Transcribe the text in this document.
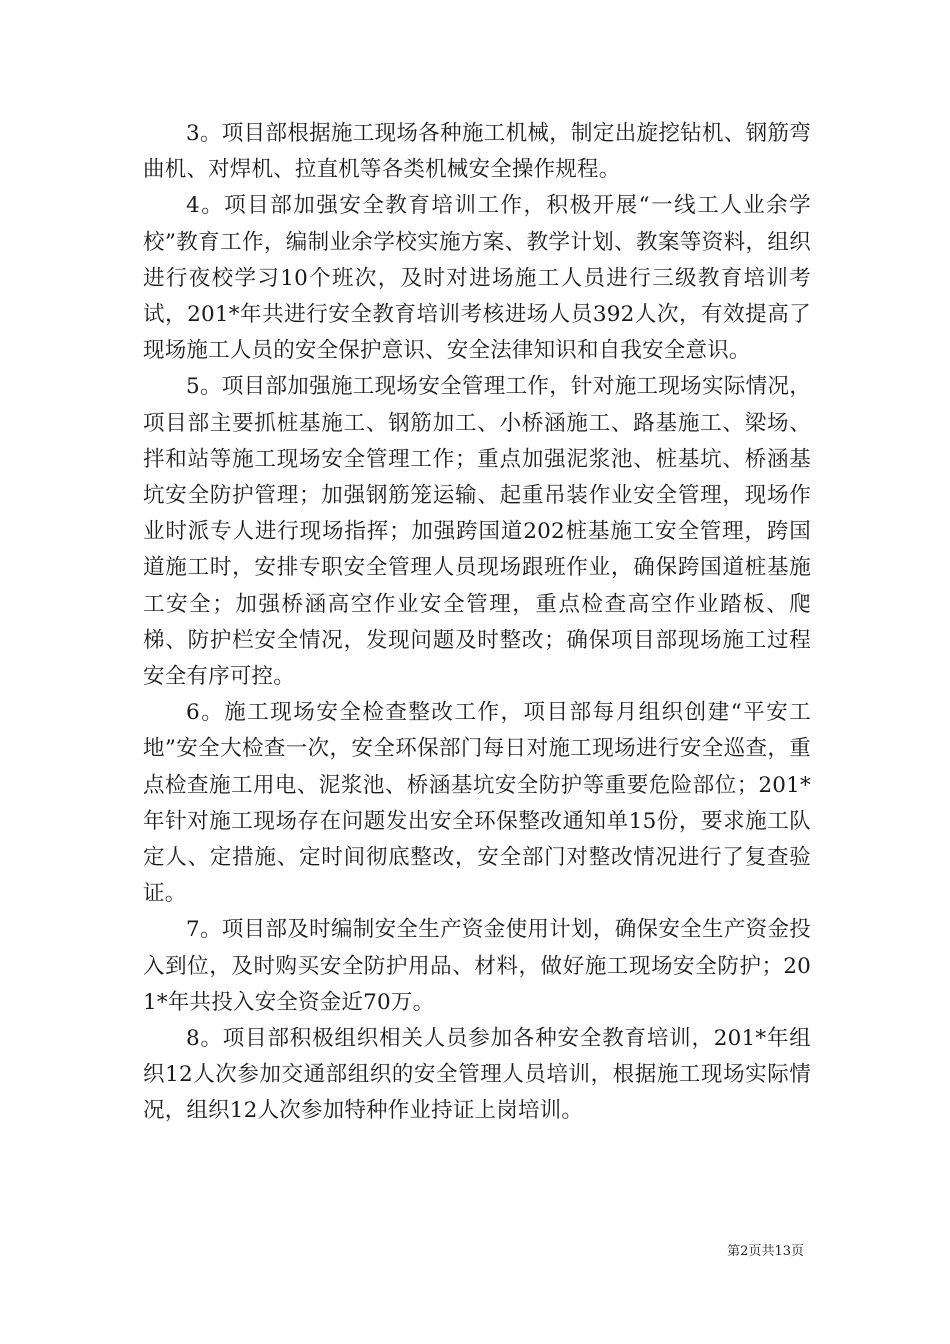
3。项目部根据施工现场各种施工机械，制定出旋挖钻机、钢筋弯曲机、对焊机、拉直机等各类机械安全操作规程。

4。项目部加强安全教育培训工作，积极开展“一线工人业余学校”教育工作，编制业余学校实施方案、教学计划、教案等资料，组织进行夜校学习10个班次，及时对进场施工人员进行三级教育培训考试，201*年共进行安全教育培训考核进场人员392人次，有效提高了现场施工人员的安全保护意识、安全法律知识和自我安全意识。

5。项目部加强施工现场安全管理工作，针对施工现场实际情况，项目部主要抓桩基施工、钢筋加工、小桥涵施工、路基施工、梁场、拌和站等施工现场安全管理工作；重点加强泥浆池、桩基坑、桥涵基坑安全防护管理；加强钢筋笼运输、起重吊装作业安全管理，现场作业时派专人进行现场指挥；加强跨国道202桩基施工安全管理，跨国道施工时，安排专职安全管理人员现场跟班作业，确保跨国道桩基施工安全；加强桥涵高空作业安全管理，重点检查高空作业踏板、爬梯、防护栏安全情况，发现问题及时整改；确保项目部现场施工过程安全有序可控。

6。施工现场安全检查整改工作，项目部每月组织创建“平安工地”安全大检查一次，安全环保部门每日对施工现场进行安全巡查，重点检查施工用电、泥浆池、桥涵基坑安全防护等重要危险部位；201*年针对施工现场存在问题发出安全环保整改通知单15份，要求施工队定人、定措施、定时间彻底整改，安全部门对整改情况进行了复查验证。

7。项目部及时编制安全生产资金使用计划，确保安全生产资金投入到位，及时购买安全防护用品、材料，做好施工现场安全防护；201*年共投入安全资金近70万。

8。项目部积极组织相关人员参加各种安全教育培训，201*年组织12人次参加交通部组织的安全管理人员培训，根据施工现场实际情况，组织12人次参加特种作业持证上岗培训。

第2页共13页
